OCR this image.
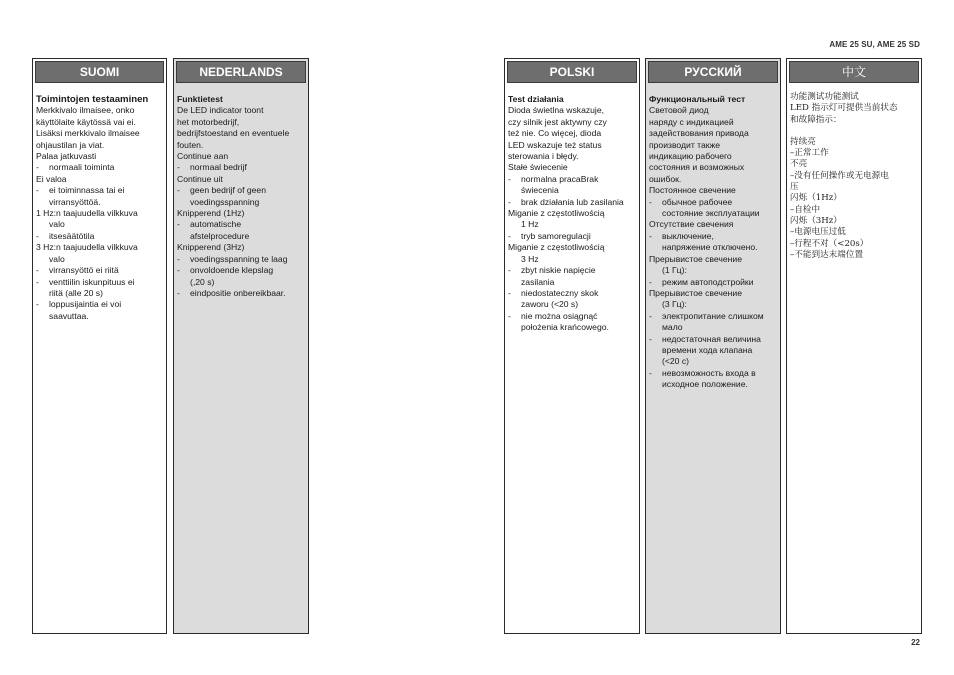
AME 25 SU, AME 25 SD
SUOMI
Toimintojen testaaminen
Merkkivalo ilmaisee, onko
käyttölaite käytössä vai ei.
Lisäksi merkkivalo ilmaisee
ohjaustilan ja viat.
Palaa jatkuvasti
- normaali toiminta
Ei valoa
- ei toiminnassa tai ei
virransyöttöä.
1 Hz:n taajuudella vilkkuva
valo
- itsesäätötila
3 Hz:n taajuudella vilkkuva
valo
- virransyöttö ei riitä
- venttiilin iskunpituus ei
riitä (alle 20 s)
- loppusijaintia ei voi
saavuttaa.
NEDERLANDS
Funktietest
De LED indicator toont
het motorbedrijf,
bedrijfstoestand en eventuele
fouten.
Continue aan
- normaal bedrijf
Continue uit
- geen bedrijf of geen
voedingsspanning
Knipperend (1Hz)
- automatische
afstelprocedure
Knipperend (3Hz)
- voedingsspanning te laag
- onvoldoende klepslag
(,20 s)
- eindpositie onbereikbaar.
POLSKI
Test działania
Dioda świetlna wskazuje,
czy silnik jest aktywny czy
też nie. Co więcej, dioda
LED wskazuje też status
sterowania i błędy.
Stałe świecenie
- normalna pracaBrak
świecenia
- brak działania lub zasilania
Miganie z częstotliwością
1 Hz
- tryb samoregulacji
Miganie z częstotliwością
3 Hz
- zbyt niskie napięcie
zasilania
- niedostateczny skok
zaworu (<20 s)
- nie można osiągnąć
położenia krańcowego.
РУССКИЙ
Функциональный тест
Световой диод
наряду с индикацией
задействования привода
производит также
индикацию рабочего
состояния и возможных
ошибок.
Постоянное свечение
- обычное рабочее
состояние эксплуатации
Отсутствие свечения
- выключение,
напряжение отключено.
Прерывистое свечение
(1 Гц):
- режим автоподстройки
Прерывистое свечение
(3 Гц):
- электропитание слишком
мало
- недостаточная величина
времени хода клапана
(<20 с)
- невозможность входа в
исходное положение.
中文
功能测试功能测试
LED 指示灯可提供当前状态
和故障指示：
持续亮
–正常工作
不亮
–没有任何操作或无电源电
压
闪烁（1Hz）
–自检中
闪烁（3Hz）
–电源电压过低
–行程不对（<20s）
–不能到达末端位置
22
